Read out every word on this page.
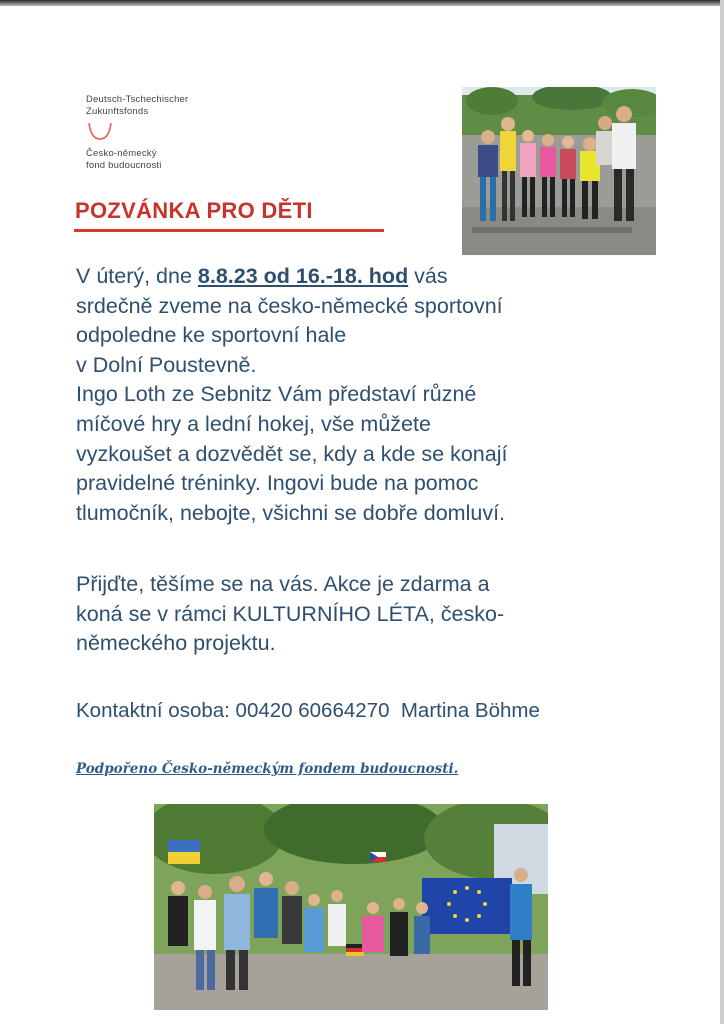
Deutsch-Tschechischer
Zukunftsfonds
Česko-německý
fond budoucnosti
POZVÁNKA PRO DĚTI

V úterý, dne 8.8.23 od 16.-18. hod vás
srdečně zveme na česko-německé sportovní
odpoledne ke sportovní hale
v Dolní Poustevně.
Ingo Loth ze Sebnitz Vám představí různé
míčové hry a lední hokej, vše můžete
vyzkoušet a dozvědět se, kdy a kde se konají
pravidelné tréninky. Ingovi bude na pomoc
tlumočník, nebojte, všichni se dobře domluví.

Přijďte, těšíme se na vás. Akce je zdarma a
koná se v rámci KULTURNÍHO LÉTA, česko-
německého projektu.

Kontaktní osoba: 00420 60664270  Martina Böhme

Podpořeno Česko-německým fondem budoucnosti.
